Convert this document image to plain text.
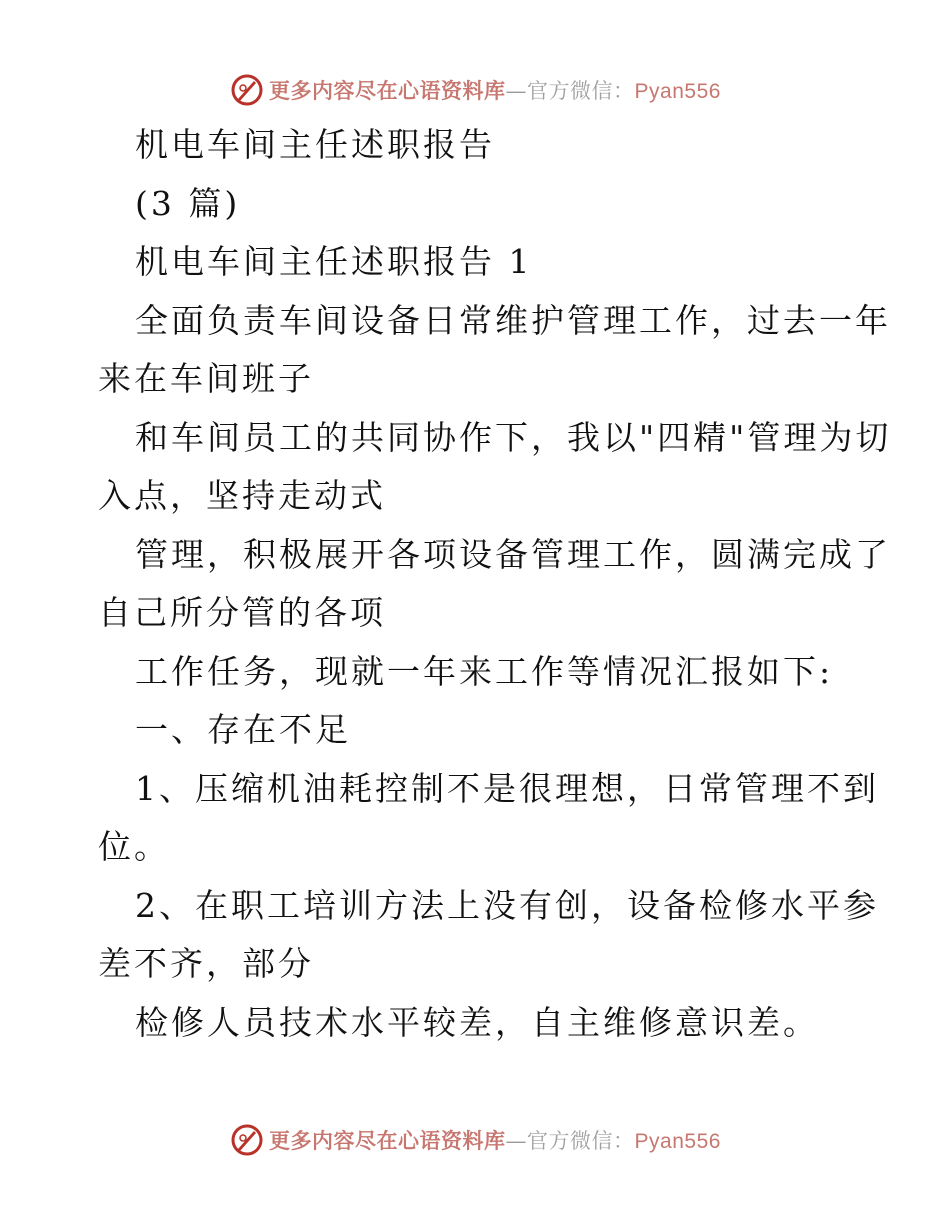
更多内容尽在心语资料库—官方微信：Pyan556
机电车间主任述职报告
(3 篇)
机电车间主任述职报告 1
全面负责车间设备日常维护管理工作，过去一年
来在车间班子
和车间员工的共同协作下，我以"四精"管理为切
入点，坚持走动式
管理，积极展开各项设备管理工作，圆满完成了
自己所分管的各项
工作任务，现就一年来工作等情况汇报如下:
一、存在不足
1、压缩机油耗控制不是很理想，日常管理不到
位。
2、在职工培训方法上没有创，设备检修水平参
差不齐，部分
检修人员技术水平较差，自主维修意识差。
更多内容尽在心语资料库—官方微信：Pyan556
